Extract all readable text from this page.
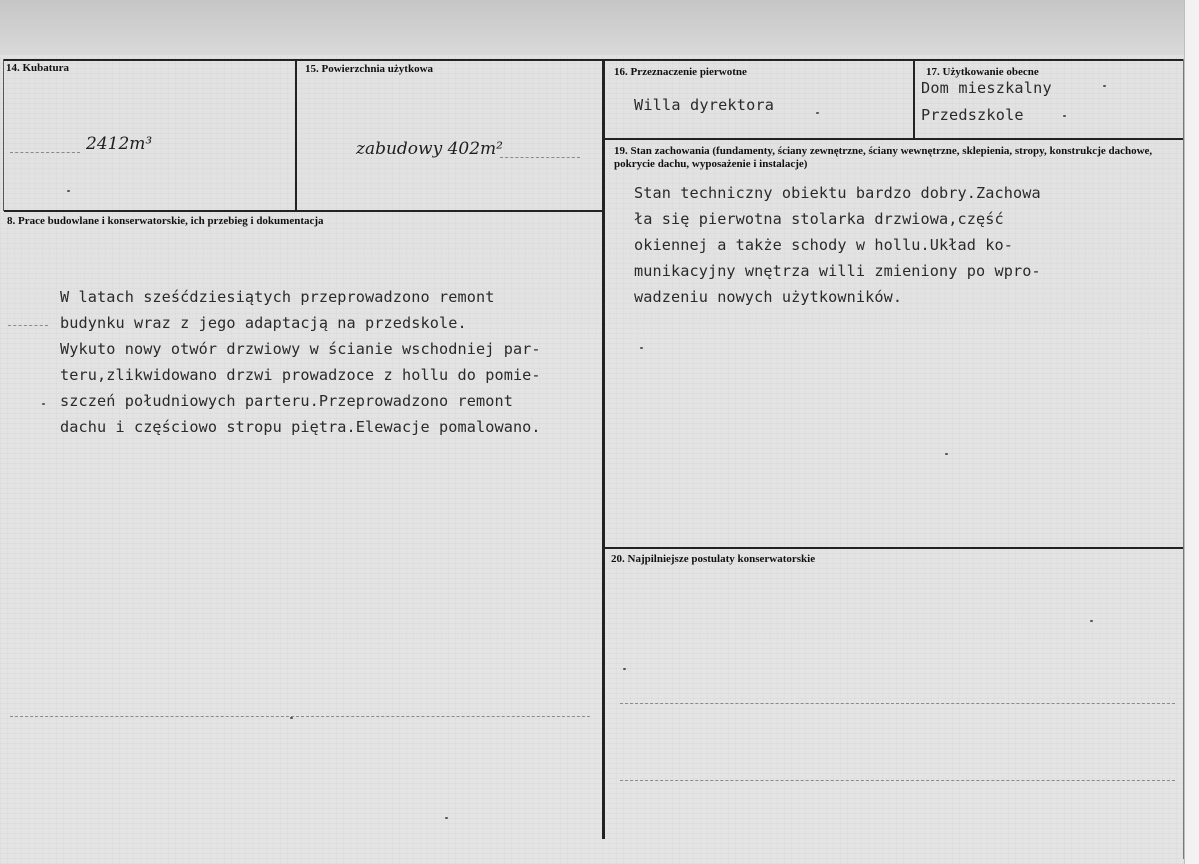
14. Kubatura
2412m³
15. Powierzchnia użytkowa
zabudowy 402m²
16. Przeznaczenie pierwotne
Willa dyrektora
17. Użytkowanie obecne
Dom mieszkalny
Przedszkole
8. Prace budowlane i konserwatorskie, ich przebieg i dokumentacja
W latach sześćdziesiątych przeprowadzono remont
budynku wraz z jego adaptacją na przedskole.
Wykuto nowy otwór drzwiowy w ścianie wschodniej par-
teru,zlikwidowano drzwi prowadzoce z hollu do pomie-
szczeń południowych parteru.Przeprowadzono remont
dachu i częściowo stropu piętra.Elewacje pomalowano.
19. Stan zachowania (fundamenty, ściany zewnętrzne, ściany wewnętrzne, sklepienia, stropy, konstrukcje dachowe, pokrycie dachu, wyposażenie i instalacje)
Stan techniczny obiektu bardzo dobry.Zachowa
ła się pierwotna stolarka drzwiowa,część
okiennej a także schody w hollu.Układ ko-
munikacyjny wnętrza willi zmieniony po wpro-
wadzeniu nowych użytkowników.
20. Najpilniejsze postulaty konserwatorskie
